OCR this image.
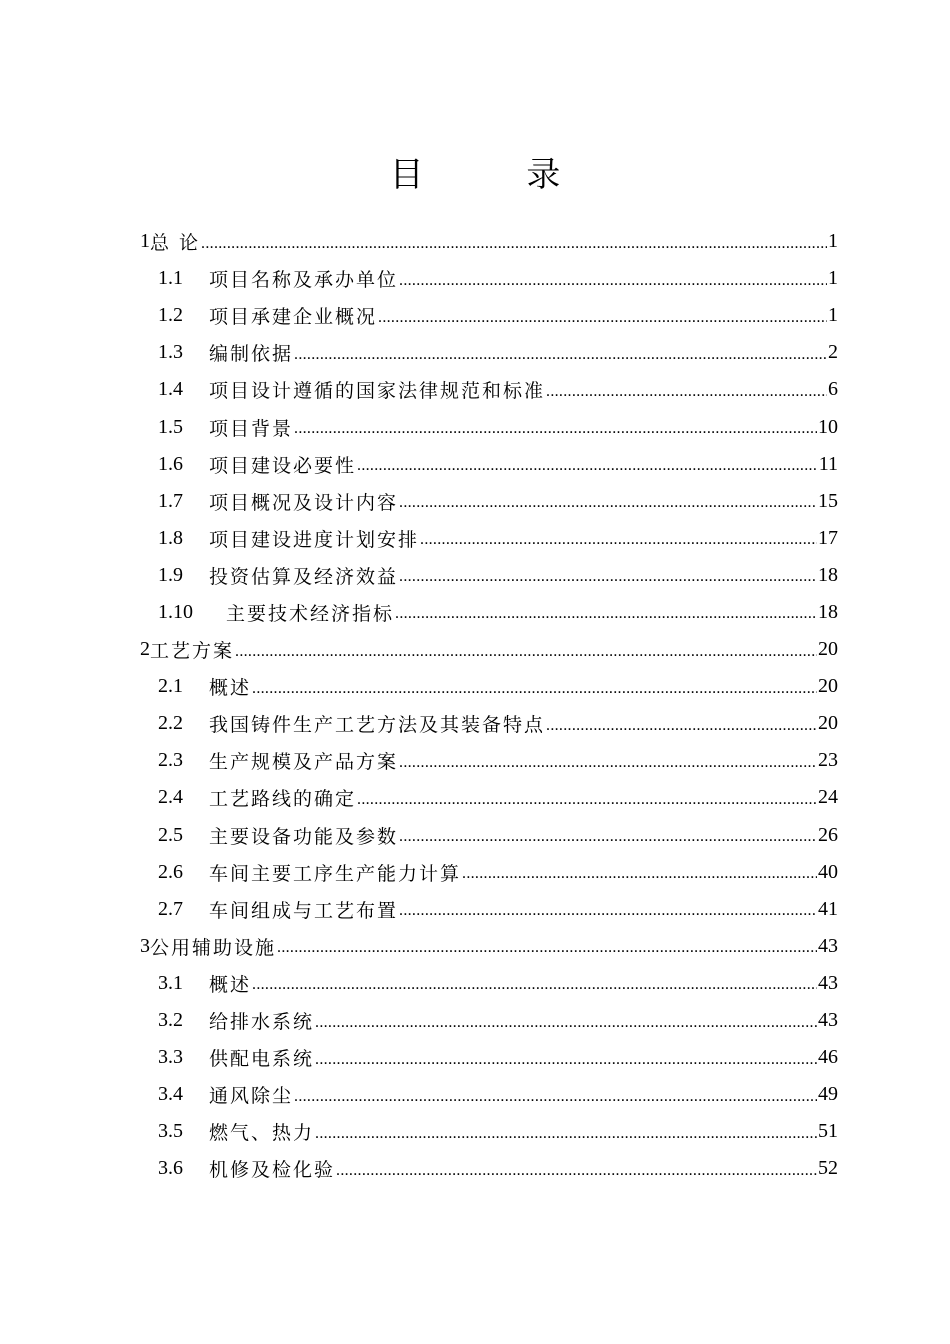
目 录
1 总 论 .....	1
1.1	项目名称及承办单位 .....	1
1.2	项目承建企业概况 .....	1
1.3	编制依据 .....	2
1.4	项目设计遵循的国家法律规范和标准 .....	6
1.5	项目背景 .....	10
1.6	项目建设必要性 .....	11
1.7	项目概况及设计内容 .....	15
1.8	项目建设进度计划安排 .....	17
1.9	投资估算及经济效益 .....	18
1.10	主要技术经济指标 .....	18
2 工艺方案 .....	20
2.1	概述 .....	20
2.2	我国铸件生产工艺方法及其装备特点 .....	20
2.3	生产规模及产品方案 .....	23
2.4	工艺路线的确定 .....	24
2.5	主要设备功能及参数 .....	26
2.6	车间主要工序生产能力计算 .....	40
2.7	车间组成与工艺布置 .....	41
3 公用辅助设施 .....	43
3.1	概述 .....	43
3.2	给排水系统 .....	43
3.3	供配电系统 .....	46
3.4	通风除尘 .....	49
3.5	燃气、热力 .....	51
3.6	机修及检化验 .....	52
